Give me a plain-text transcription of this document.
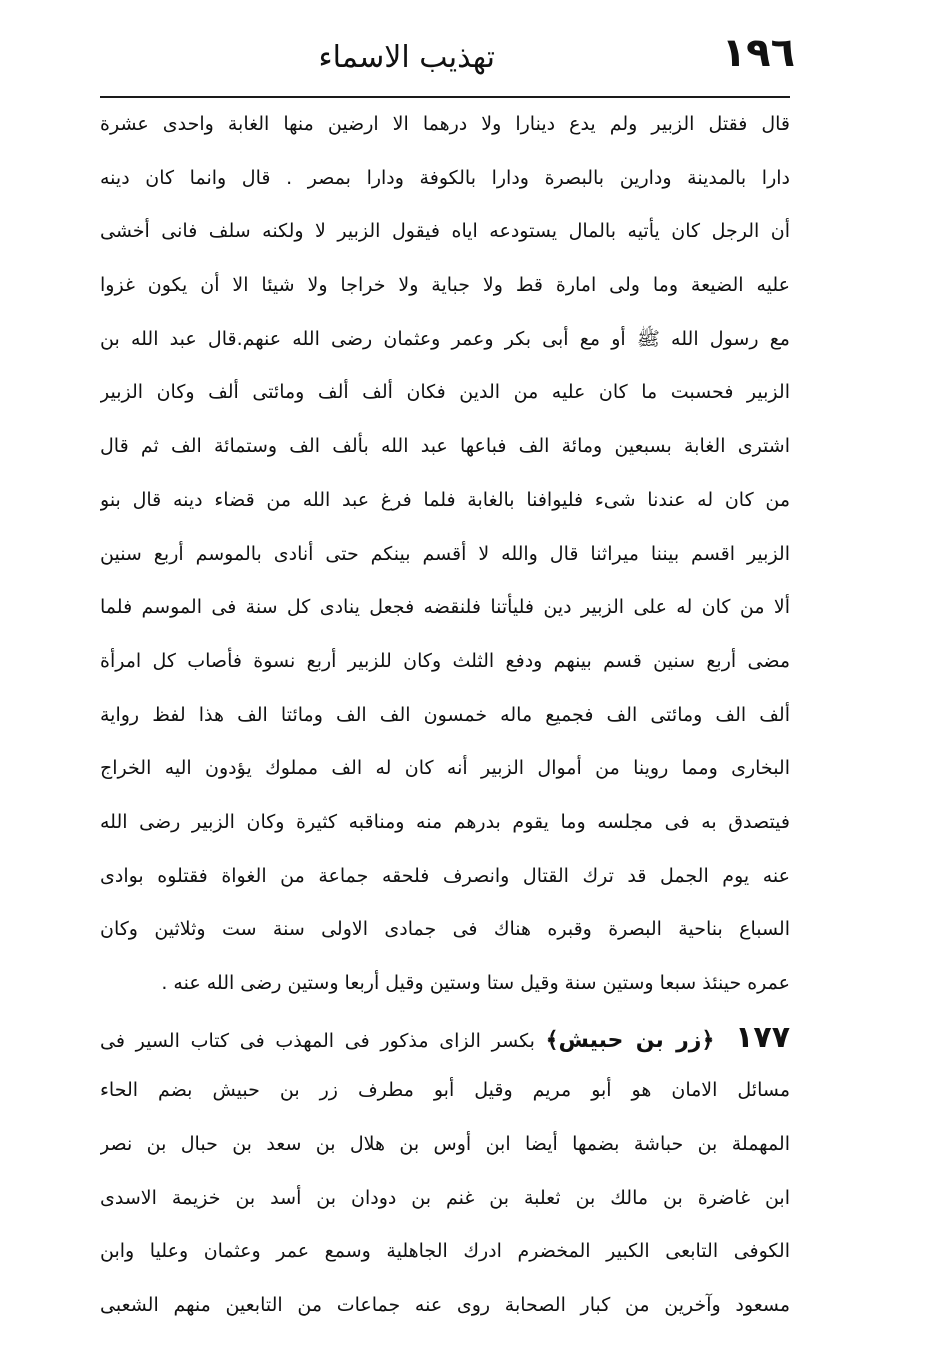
١٩٦
تهذيب الاسماء
قال فقتل الزبير ولم يدع دينارا ولا درهما الا ارضين منها الغابة واحدى عشرة
دارا بالمدينة ودارين بالبصرة ودارا بالكوفة ودارا بمصر . قال وانما كان دينه
أن الرجل كان يأتيه بالمال يستودعه اياه فيقول الزبير لا ولكنه سلف فانى أخشى
عليه الضيعة وما ولى امارة قط ولا جباية ولا خراجا ولا شيئا الا أن يكون غزوا
مع رسول الله ﷺ أو مع أبى بكر وعمر وعثمان رضى الله عنهم.قال عبد الله بن
الزبير فحسبت ما كان عليه من الدين فكان ألف ألف ومائتى ألف وكان الزبير
اشترى الغابة بسبعين ومائة الف فباعها عبد الله بألف الف وستمائة الف ثم قال
من كان له عندنا شىء فليوافنا بالغابة فلما فرغ عبد الله من قضاء دينه قال بنو
الزبير اقسم بيننا ميراثنا قال والله لا أقسم بينكم حتى أنادى بالموسم أربع سنين
ألا من كان له على الزبير دين فليأتنا فلنقضه فجعل ينادى كل سنة فى الموسم فلما
مضى أربع سنين قسم بينهم ودفع الثلث وكان للزبير أربع نسوة فأصاب كل امرأة
ألف الف ومائتى الف فجميع ماله خمسون الف الف ومائتا الف هذا لفظ رواية
البخارى ومما روينا من أموال الزبير أنه كان له الف مملوك يؤدون اليه الخراج
فيتصدق به فى مجلسه وما يقوم بدرهم منه ومناقبه كثيرة وكان الزبير رضى الله
عنه يوم الجمل قد ترك القتال وانصرف فلحقه جماعة من الغواة فقتلوه بوادى
السباع بناحية البصرة وقبره هناك فى جمادى الاولى سنة ست وثلاثين وكان
عمره حينئذ سبعا وستين سنة وقيل ستا وستين وقيل أربعا وستين رضى الله عنه .
١٧٧ ﴿زر بن حبيش﴾ بكسر الزاى مذكور فى المهذب فى كتاب السير فى
مسائل الامان هو أبو مريم وقيل أبو مطرف زر بن حبيش بضم الحاء
المهملة بن حباشة بضمها أيضا ابن أوس بن هلال بن سعد بن حبال بن نصر
ابن غاضرة بن مالك بن ثعلبة بن غنم بن دودان بن أسد بن خزيمة الاسدى
الكوفى التابعى الكبير المخضرم ادرك الجاهلية وسمع عمر وعثمان وعليا وابن
مسعود وآخرين من كبار الصحابة روى عنه جماعات من التابعين منهم الشعبى
